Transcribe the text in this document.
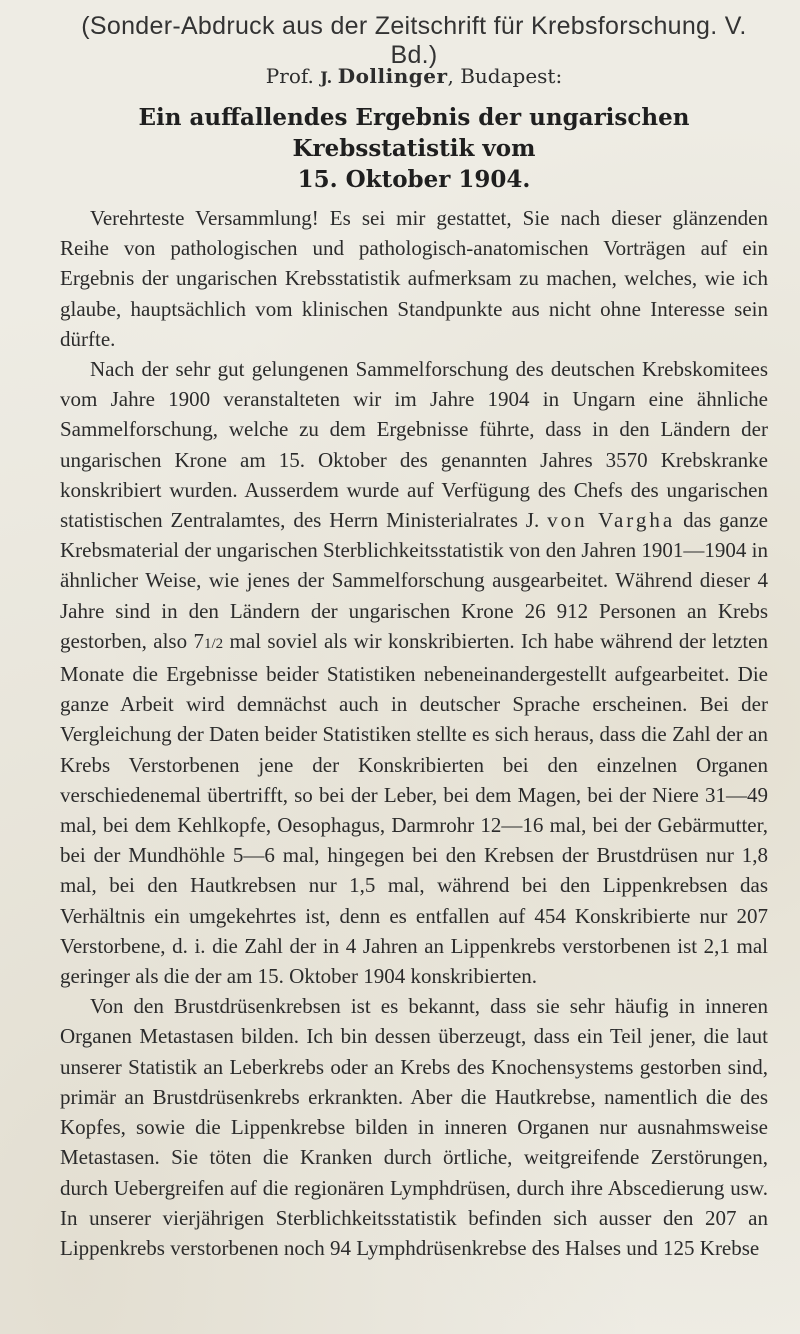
(Sonder-Abdruck aus der Zeitschrift für Krebsforschung. V. Bd.)
Prof. J. Dollinger, Budapest:
Ein auffallendes Ergebnis der ungarischen Krebsstatistik vom
15. Oktober 1904.

Verehrteste Versammlung! Es sei mir gestattet, Sie nach dieser glänzenden Reihe von pathologischen und pathologisch-anatomischen Vorträgen auf ein Ergebnis der ungarischen Krebsstatistik aufmerksam zu machen, welches, wie ich glaube, hauptsächlich vom klinischen Standpunkte aus nicht ohne Interesse sein dürfte.

Nach der sehr gut gelungenen Sammelforschung des deutschen Krebskomitees vom Jahre 1900 veranstalteten wir im Jahre 1904 in Ungarn eine ähnliche Sammelforschung, welche zu dem Ergebnisse führte, dass in den Ländern der ungarischen Krone am 15. Oktober des genannten Jahres 3570 Krebskranke konskribiert wurden. Ausserdem wurde auf Verfügung des Chefs des ungarischen statistischen Zentralamtes, des Herrn Ministerialrates J. von Vargha das ganze Krebsmaterial der ungarischen Sterblichkeitsstatistik von den Jahren 1901—1904 in ähnlicher Weise, wie jenes der Sammelforschung ausgearbeitet. Während dieser 4 Jahre sind in den Ländern der ungarischen Krone 26 912 Personen an Krebs gestorben, also 71/2 mal soviel als wir konskribierten. Ich habe während der letzten Monate die Ergebnisse beider Statistiken nebeneinandergestellt aufgearbeitet. Die ganze Arbeit wird demnächst auch in deutscher Sprache erscheinen. Bei der Vergleichung der Daten beider Statistiken stellte es sich heraus, dass die Zahl der an Krebs Verstorbenen jene der Konskribierten bei den einzelnen Organen verschiedenemal übertrifft, so bei der Leber, bei dem Magen, bei der Niere 31—49 mal, bei dem Kehlkopfe, Oesophagus, Darmrohr 12—16 mal, bei der Gebärmutter, bei der Mundhöhle 5—6 mal, hingegen bei den Krebsen der Brustdrüsen nur 1,8 mal, bei den Hautkrebsen nur 1,5 mal, während bei den Lippenkrebsen das Verhältnis ein umgekehrtes ist, denn es entfallen auf 454 Konskribierte nur 207 Verstorbene, d. i. die Zahl der in 4 Jahren an Lippenkrebs verstorbenen ist 2,1 mal geringer als die der am 15. Oktober 1904 konskribierten.

Von den Brustdrüsenkrebsen ist es bekannt, dass sie sehr häufig in inneren Organen Metastasen bilden. Ich bin dessen überzeugt, dass ein Teil jener, die laut unserer Statistik an Leberkrebs oder an Krebs des Knochensystems gestorben sind, primär an Brustdrüsenkrebs erkrankten. Aber die Hautkrebse, namentlich die des Kopfes, sowie die Lippenkrebse bilden in inneren Organen nur ausnahmsweise Metastasen. Sie töten die Kranken durch örtliche, weitgreifende Zerstörungen, durch Uebergreifen auf die regionären Lymphdrüsen, durch ihre Abscedierung usw. In unserer vierjährigen Sterblichkeitsstatistik befinden sich ausser den 207 an Lippenkrebs verstorbenen noch 94 Lymphdrüsenkrebse des Halses und 125 Krebse
